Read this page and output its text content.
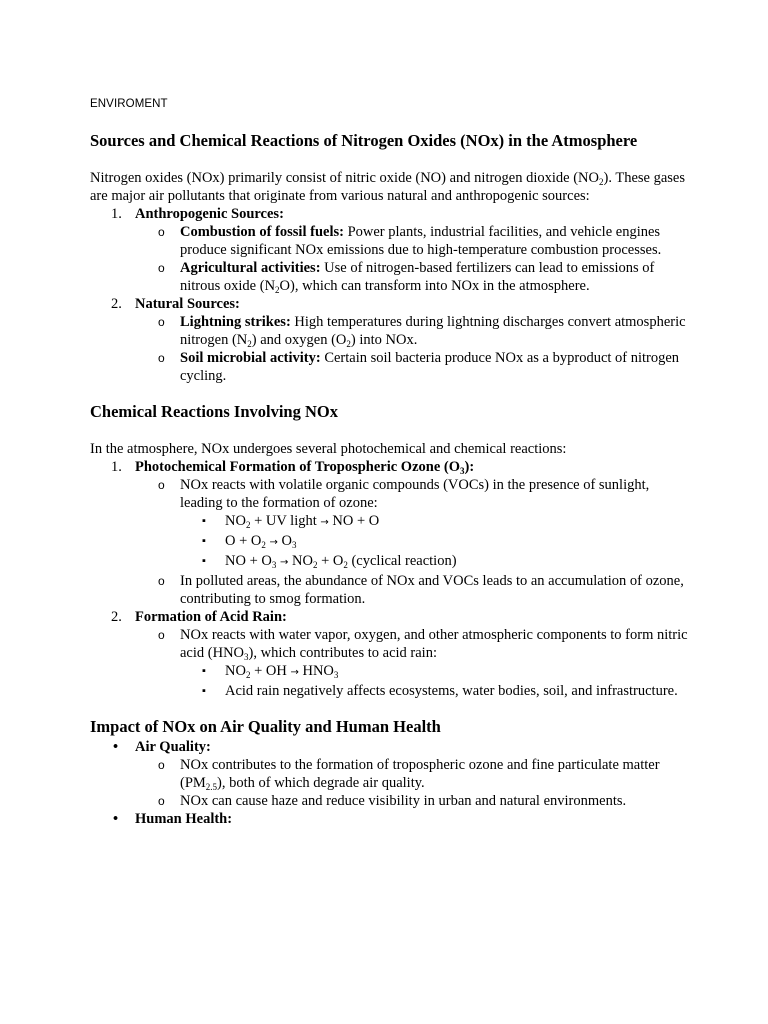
ENVIROMENT
Sources and Chemical Reactions of Nitrogen Oxides (NOx) in the Atmosphere

Nitrogen oxides (NOx) primarily consist of nitric oxide (NO) and nitrogen dioxide $(NO_2)$. These gases are major air pollutants that originate from various natural and anthropogenic sources:

1. Anthropogenic Sources:
o Combustion of fossil fuels: Power plants, industrial facilities, and vehicle engines produce significant NOx emissions due to high-temperature combustion processes.
o Agricultural activities: Use of nitrogen-based fertilizers can lead to emissions of nitrous oxide $(N_2O)$, which can transform into NOx in the atmosphere.
2. Natural Sources:
o Lightning strikes: High temperatures during lightning discharges convert atmospheric nitrogen $(N_2)$ and oxygen $(O_2)$ into NOx.
o Soil microbial activity: Certain soil bacteria produce NOx as a byproduct of nitrogen cycling.
Chemical Reactions Involving NOx

In the atmosphere, NOx undergoes several photochemical and chemical reactions:

1. Photochemical Formation of Tropospheric Ozone $(O_3)$:
o NOx reacts with volatile organic compounds (VOCs) in the presence of sunlight, leading to the formation of ozone:
▪ $NO_2$ + UV light → NO + O
▪ $O + O_2 \to O_3$
▪ NO + $O_3 \to NO_2 + O_2$ (cyclical reaction)
o In polluted areas, the abundance of NOx and VOCs leads to an accumulation of ozone, contributing to smog formation.
2. Formation of Acid Rain:
o NOx reacts with water vapor, oxygen, and other atmospheric components to form nitric acid $(HNO_3)$, which contributes to acid rain:
▪ $NO_2$ + OH → $HNO_3$
▪ Acid rain negatively affects ecosystems, water bodies, soil, and infrastructure.
Impact of NOx on Air Quality and Human Health
• Air Quality:
o NOx contributes to the formation of tropospheric ozone and fine particulate matter $(PM_{2.5})$, both of which degrade air quality.
o NOx can cause haze and reduce visibility in urban and natural environments.
• Human Health:
